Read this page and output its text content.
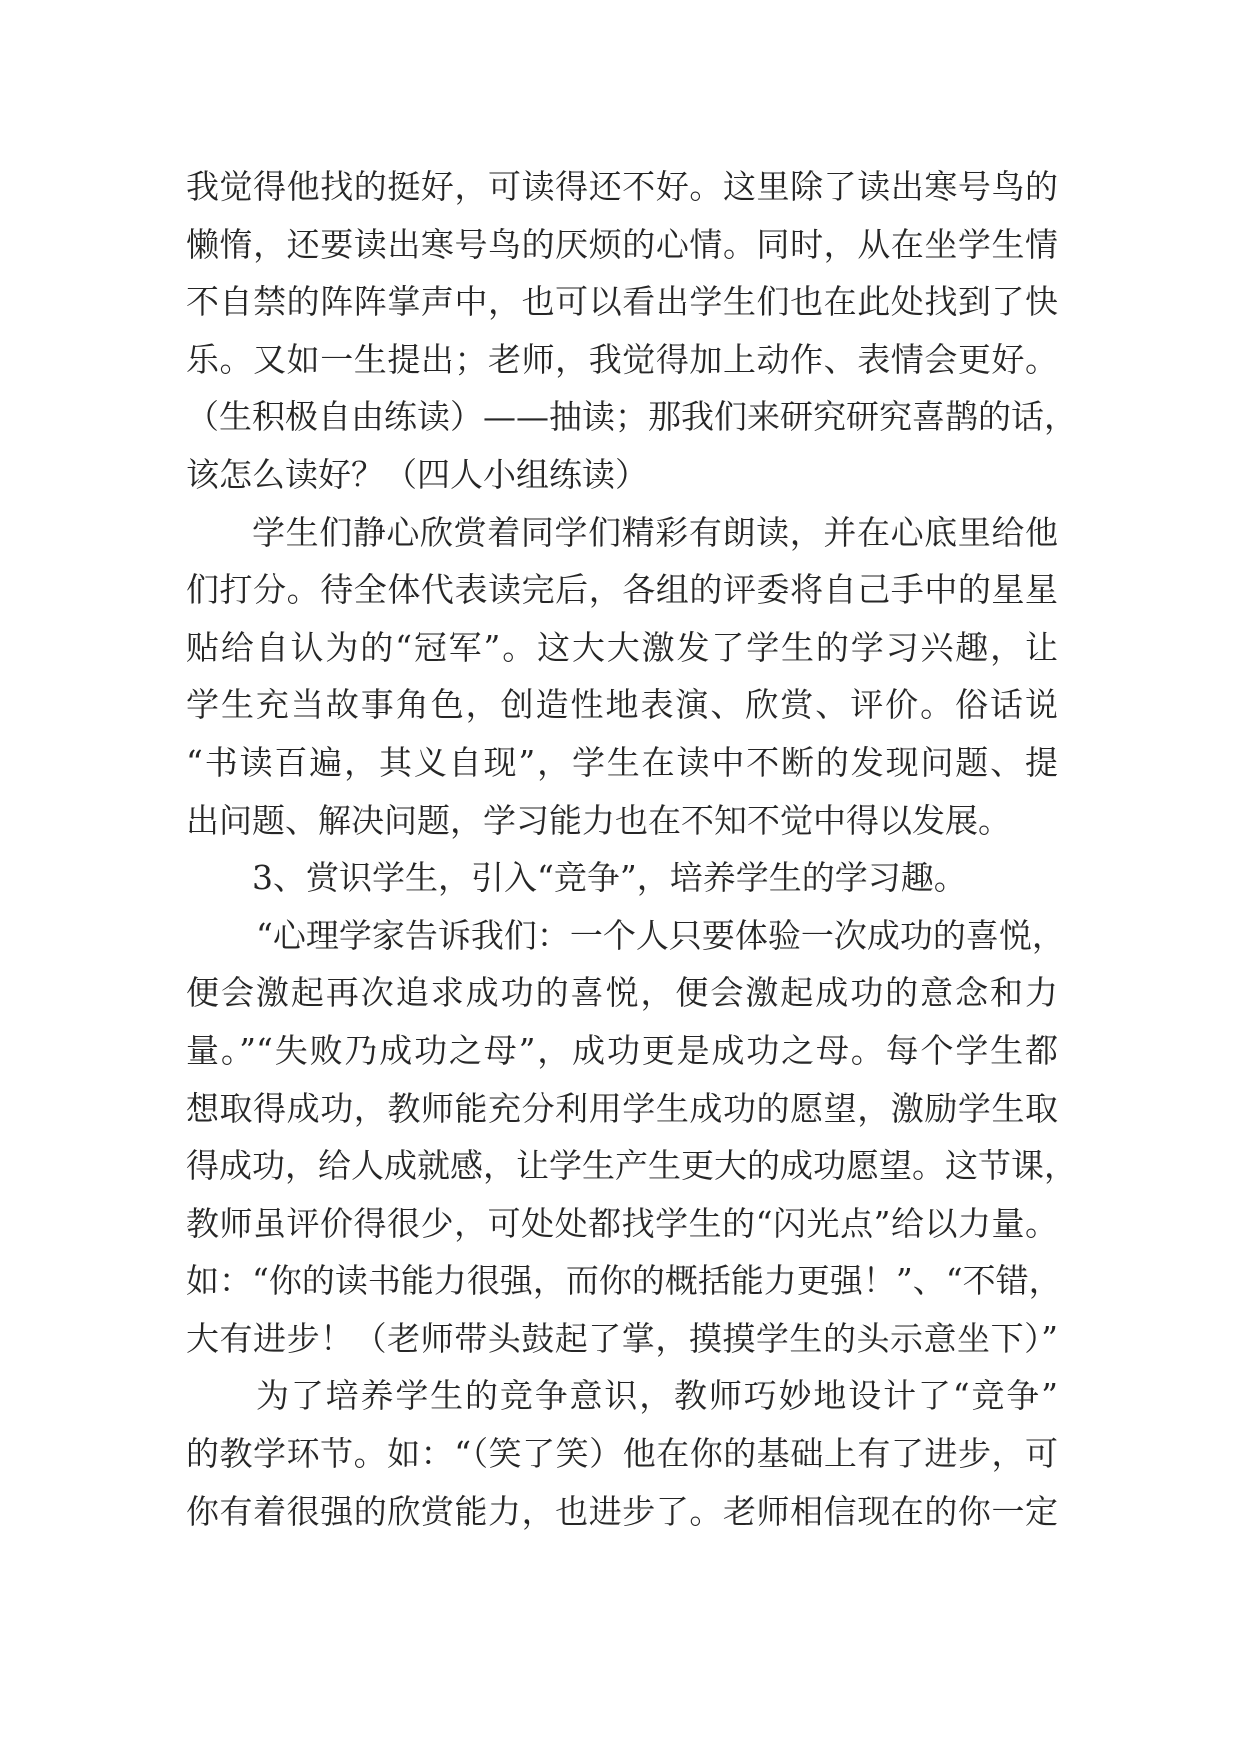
我觉得他找的挺好，可读得还不好。这里除了读出寒号鸟的
懒惰，还要读出寒号鸟的厌烦的心情。同时，从在坐学生情
不自禁的阵阵掌声中，也可以看出学生们也在此处找到了快
乐。又如一生提出；老师，我觉得加上动作、表情会更好。
（生积极自由练读）——抽读；那我们来研究研究喜鹊的话，
该怎么读好？（四人小组练读）
学生们静心欣赏着同学们精彩有朗读，并在心底里给他
们打分。待全体代表读完后，各组的评委将自己手中的星星
贴给自认为的“冠军”。这大大激发了学生的学习兴趣，让
学生充当故事角色，创造性地表演、欣赏、评价。俗话说
“书读百遍，其义自现”，学生在读中不断的发现问题、提
出问题、解决问题，学习能力也在不知不觉中得以发展。
3、赏识学生，引入“竞争”，培养学生的学习趣。
“心理学家告诉我们：一个人只要体验一次成功的喜悦，
便会激起再次追求成功的喜悦，便会激起成功的意念和力
量。”“失败乃成功之母”，成功更是成功之母。每个学生都
想取得成功，教师能充分利用学生成功的愿望，激励学生取
得成功，给人成就感，让学生产生更大的成功愿望。这节课，
教师虽评价得很少，可处处都找学生的“闪光点”给以力量。
如：“你的读书能力很强，而你的概括能力更强！”、“不错，
大有进步！（老师带头鼓起了掌，摸摸学生的头示意坐下）”
为了培养学生的竞争意识，教师巧妙地设计了“竞争”
的教学环节。如：“（笑了笑）他在你的基础上有了进步，可
你有着很强的欣赏能力，也进步了。老师相信现在的你一定
